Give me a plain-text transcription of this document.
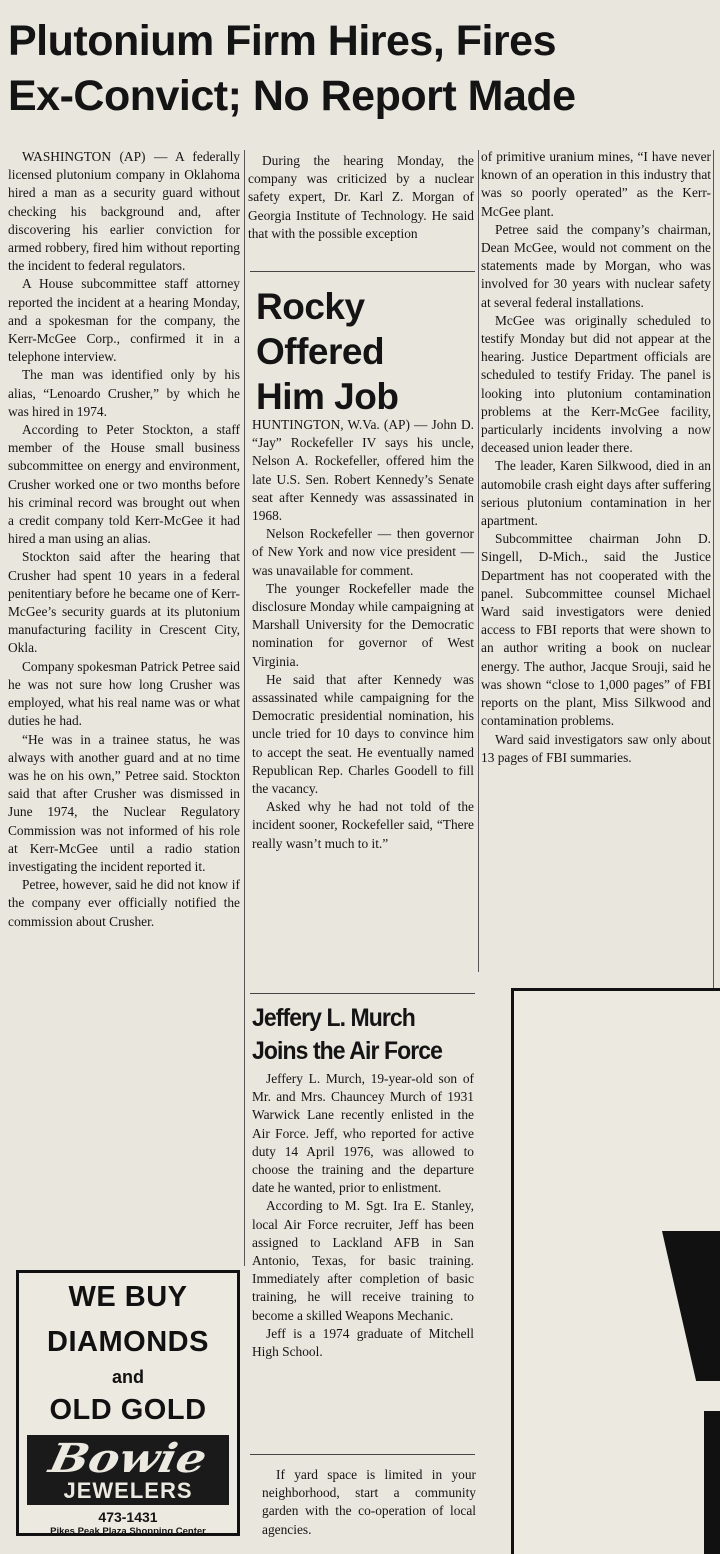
Plutonium Firm Hires, Fires
Ex-Convict; No Report Made

WASHINGTON (AP) — A federally licensed plutonium company in Oklahoma hired a man as a security guard without checking his background and, after discovering his earlier conviction for armed robbery, fired him without reporting the incident to federal regulators.

A House subcommittee staff attorney reported the incident at a hearing Monday, and a spokesman for the company, the Kerr-McGee Corp., confirmed it in a telephone interview.

The man was identified only by his alias, “Lenoardo Crusher,” by which he was hired in 1974.

According to Peter Stockton, a staff member of the House small business subcommittee on energy and environment, Crusher worked one or two months before his criminal record was brought out when a credit company told Kerr-McGee it had hired a man using an alias.

Stockton said after the hearing that Crusher had spent 10 years in a federal penitentiary before he became one of Kerr-McGee’s security guards at its plutonium manufacturing facility in Crescent City, Okla.

Company spokesman Patrick Petree said he was not sure how long Crusher was employed, what his real name was or what duties he had.

“He was in a trainee status, he was always with another guard and at no time was he on his own,” Petree said. Stockton said that after Crusher was dismissed in June 1974, the Nuclear Regulatory Commission was not informed of his role at Kerr-McGee until a radio station investigating the incident reported it.

Petree, however, said he did not know if the company ever officially notified the commission about Crusher.

During the hearing Monday, the company was criticized by a nuclear safety expert, Dr. Karl Z. Morgan of Georgia Institute of Technology. He said that with the possible exception

Rocky
Offered
Him Job

HUNTINGTON, W.Va. (AP) — John D. “Jay” Rockefeller IV says his uncle, Nelson A. Rockefeller, offered him the late U.S. Sen. Robert Kennedy’s Senate seat after Kennedy was assassinated in 1968.

Nelson Rockefeller — then governor of New York and now vice president — was unavailable for comment.

The younger Rockefeller made the disclosure Monday while campaigning at Marshall University for the Democratic nomination for governor of West Virginia.

He said that after Kennedy was assassinated while campaigning for the Democratic presidential nomination, his uncle tried for 10 days to convince him to accept the seat. He eventually named Republican Rep. Charles Goodell to fill the vacancy.

Asked why he had not told of the incident sooner, Rockefeller said, “There really wasn’t much to it.”

Jeffery L. Murch
Joins the Air Force

Jeffery L. Murch, 19-year-old son of Mr. and Mrs. Chauncey Murch of 1931 Warwick Lane recently enlisted in the Air Force. Jeff, who reported for active duty 14 April 1976, was allowed to choose the training and the departure date he wanted, prior to enlistment.

According to M. Sgt. Ira E. Stanley, local Air Force recruiter, Jeff has been assigned to Lackland AFB in San Antonio, Texas, for basic training. Immediately after completion of basic training, he will receive training to become a skilled Weapons Mechanic.

Jeff is a 1974 graduate of Mitchell High School.

If yard space is limited in your neighborhood, start a community garden with the co-operation of local agencies.

of primitive uranium mines, “I have never known of an operation in this industry that was so poorly operated” as the Kerr-McGee plant.

Petree said the company’s chairman, Dean McGee, would not comment on the statements made by Morgan, who was involved for 30 years with nuclear safety at several federal installations.

McGee was originally scheduled to testify Monday but did not appear at the hearing. Justice Department officials are scheduled to testify Friday. The panel is looking into plutonium contamination problems at the Kerr-McGee facility, particularly incidents involving a now deceased union leader there.

The leader, Karen Silkwood, died in an automobile crash eight days after suffering serious plutonium contamination in her apartment.

Subcommittee chairman John D. Singell, D-Mich., said the Justice Department has not cooperated with the panel. Subcommittee counsel Michael Ward said investigators were denied access to FBI reports that were shown to an author writing a book on nuclear energy. The author, Jacque Srouji, said he was shown “close to 1,000 pages” of FBI reports on the plant, Miss Silkwood and contamination problems.

Ward said investigators saw only about 13 pages of FBI summaries.

WE BUY
DIAMONDS
and
OLD GOLD
Bowie
JEWELERS
473-1431
Pikes Peak Plaza Shopping Center
